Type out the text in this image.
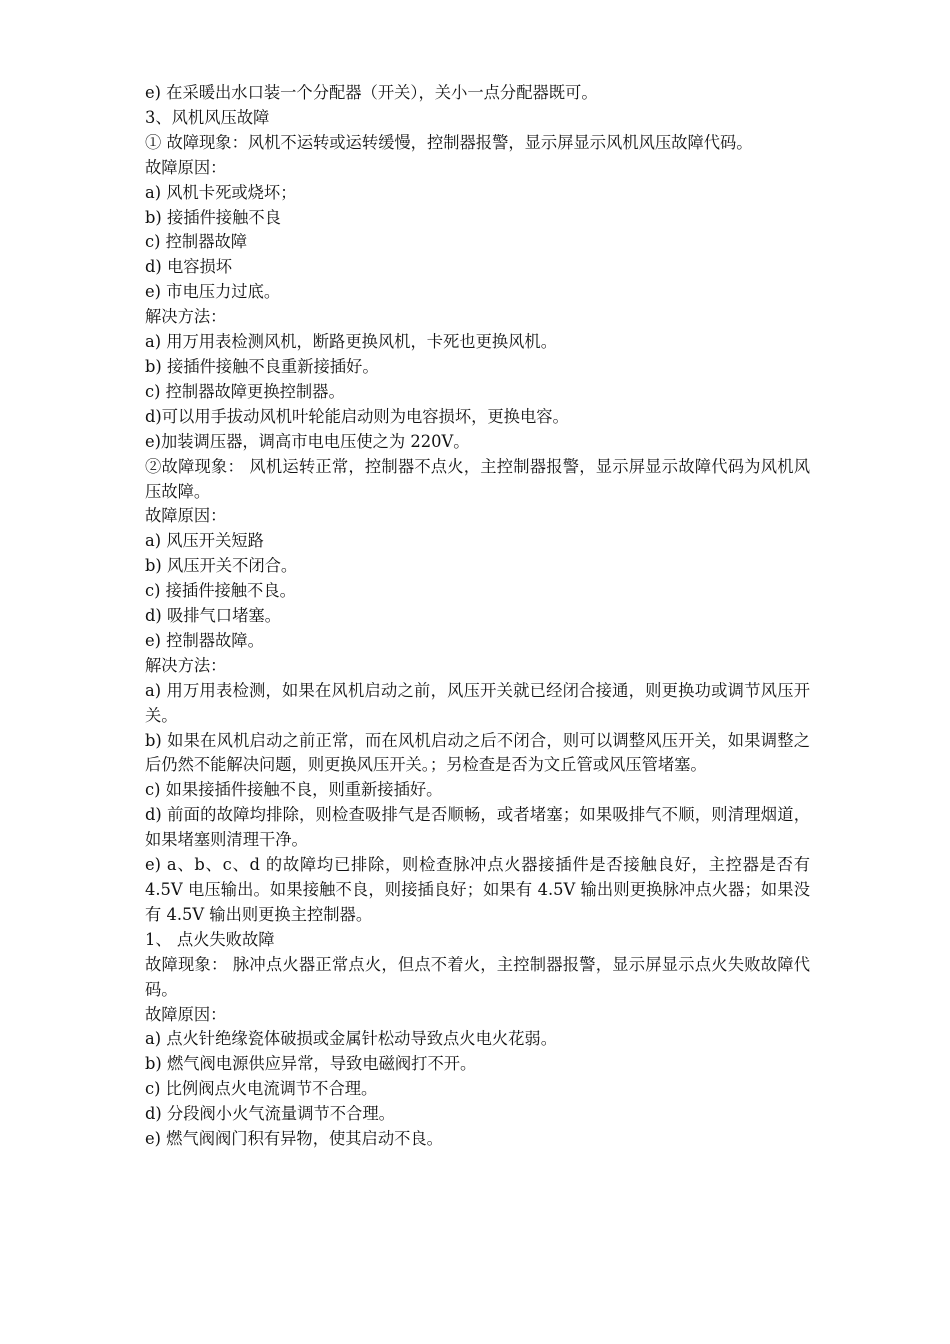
e) 在采暖出水口装一个分配器（开关），关小一点分配器既可。

3、风机风压故障

① 故障现象：风机不运转或运转缓慢，控制器报警，显示屏显示风机风压故障代码。

故障原因：

a) 风机卡死或烧坏；

b) 接插件接触不良

c) 控制器故障

d) 电容损坏

e) 市电压力过底。

解决方法：

a) 用万用表检测风机，断路更换风机，卡死也更换风机。

b) 接插件接触不良重新接插好。

c) 控制器故障更换控制器。

d)可以用手拔动风机叶轮能启动则为电容损坏，更换电容。

e)加装调压器，调高市电电压使之为 220V。

②故障现象： 风机运转正常，控制器不点火，主控制器报警，显示屏显示故障代码为风机风压故障。

故障原因：

a) 风压开关短路

b) 风压开关不闭合。

c) 接插件接触不良。

d) 吸排气口堵塞。

e) 控制器故障。

解决方法：

a) 用万用表检测，如果在风机启动之前，风压开关就已经闭合接通，则更换功或调节风压开关。

b) 如果在风机启动之前正常，而在风机启动之后不闭合，则可以调整风压开关，如果调整之后仍然不能解决问题，则更换风压开关。；另检查是否为文丘管或风压管堵塞。

c) 如果接插件接触不良，则重新接插好。

d) 前面的故障均排除，则检查吸排气是否顺畅，或者堵塞；如果吸排气不顺，则清理烟道，如果堵塞则清理干净。

e) a、b、c、d 的故障均已排除，则检查脉冲点火器接插件是否接触良好，主控器是否有 4.5V 电压输出。如果接触不良，则接插良好；如果有 4.5V 输出则更换脉冲点火器；如果没有 4.5V 输出则更换主控制器。

1、 点火失败故障

故障现象： 脉冲点火器正常点火，但点不着火，主控制器报警，显示屏显示点火失败故障代码。

故障原因：

a) 点火针绝缘瓷体破损或金属针松动导致点火电火花弱。

b) 燃气阀电源供应异常，导致电磁阀打不开。

c) 比例阀点火电流调节不合理。

d) 分段阀小火气流量调节不合理。

e) 燃气阀阀门积有异物，使其启动不良。
